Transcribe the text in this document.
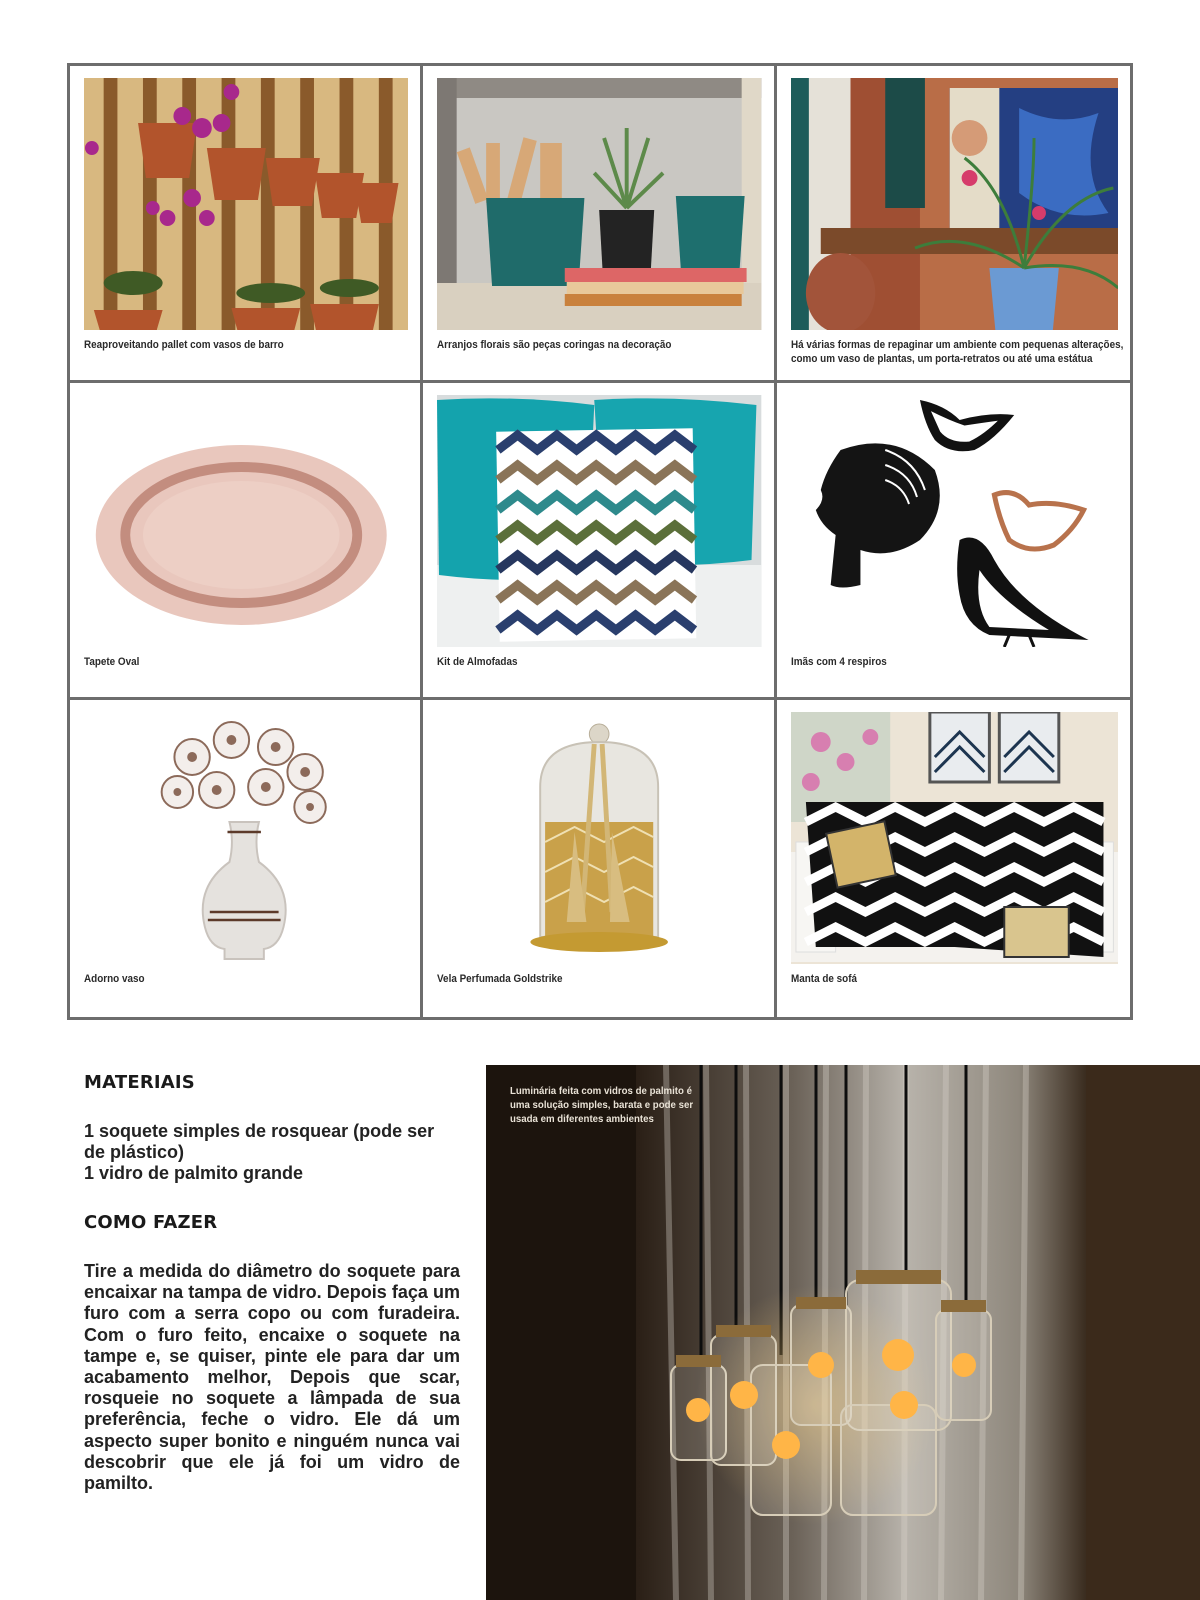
Reaproveitando pallet com vasos de barro	Arranjos florais são peças coringas na decoração	Há várias formas de repaginar um ambiente com pequenas alterações, como um vaso de plantas, um porta-retratos ou até uma estátua
Tapete Oval	Kit de Almofadas	Imãs com 4 respiros
Adorno vaso	Vela Perfumada Goldstrike	Manta de sofá
MATERIAIS
1 soquete simples de rosquear (pode ser de plástico)
1 vidro de palmito grande
COMO FAZER

Tire a medida do diâmetro do soquete para encaixar na tampa de vidro. Depois faça um furo com a serra copo ou com furadeira. Com o furo feito, encaixe o soquete na tampe e, se quiser, pinte ele para dar um acabamento melhor, Depois que scar, rosqueie no soquete a lâmpada de sua preferência, feche o vidro. Ele dá um aspecto super bonito e ninguém nunca vai descobrir que ele já foi um vidro de pamilto.

Luminária feita com vidros de palmito é uma solução simples, barata e pode ser usada em diferentes ambientes
